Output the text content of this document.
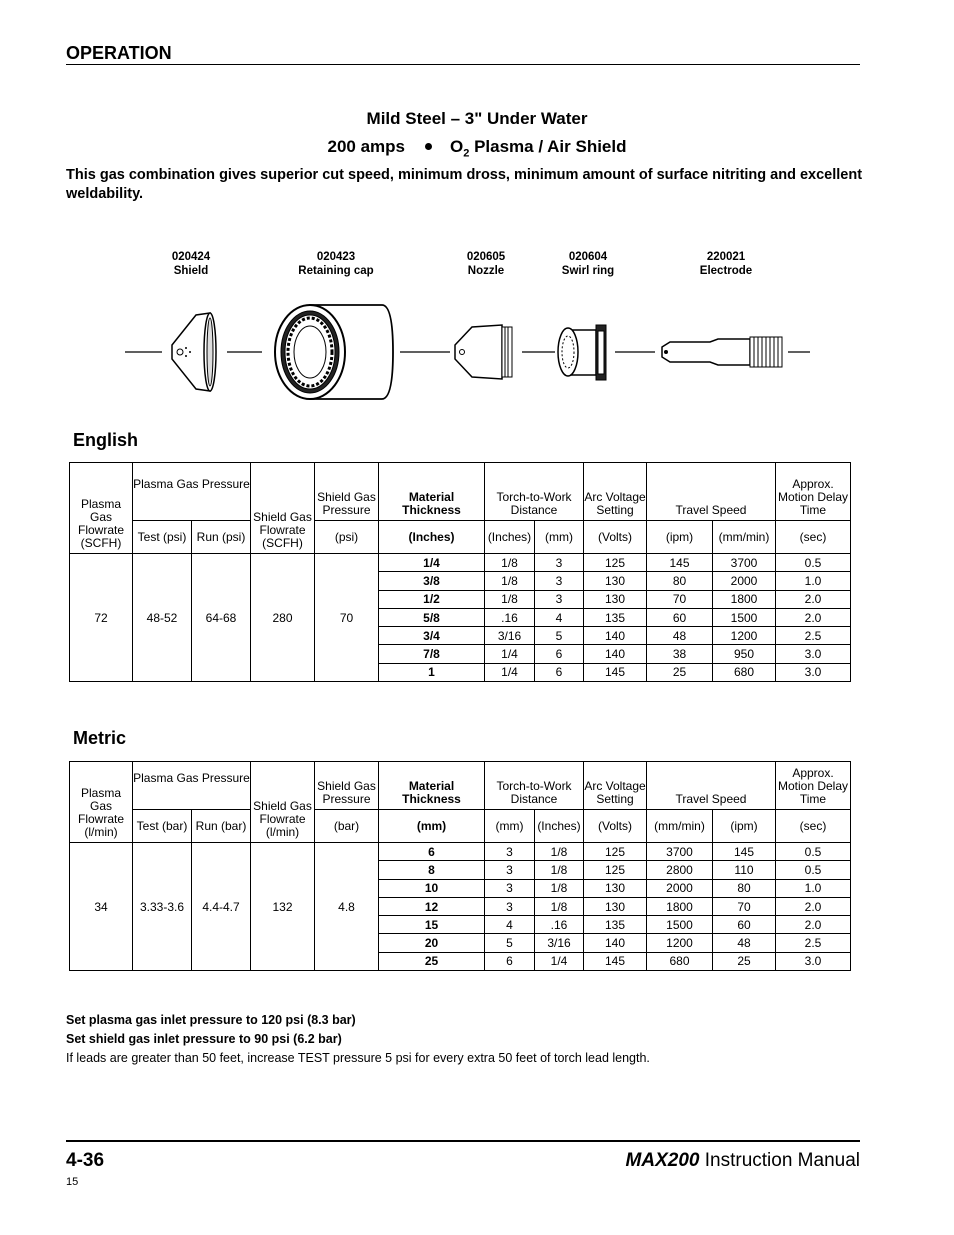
OPERATION
Mild Steel – 3" Under Water
200 amps	$O_2$ Plasma / Air Shield
This gas combination gives superior cut speed, minimum dross, minimum amount of surface nitriting and excellent weldability.
020424
Shield
020423
Retaining cap
020605
Nozzle
020604
Swirl ring
220021
Electrode
English
Plasma Gas Flowrate (SCFH)	Plasma Gas Pressure		Shield Gas Flowrate (SCFH)	Shield Gas Pressure	Material Thickness	Torch-to-Work Distance		Arc Voltage Setting	Travel Speed		Approx. Motion Delay Time
	Test (psi)	Run (psi)		(psi)	(Inches)	(Inches)	(mm)	(Volts)	(ipm)	(mm/min)	(sec)
72	48-52	64-68	280	70	1/4	1/8	3	125	145	3700	0.5
					3/8	1/8	3	130	80	2000	1.0
					1/2	1/8	3	130	70	1800	2.0
					5/8	.16	4	135	60	1500	2.0
					3/4	3/16	5	140	48	1200	2.5
					7/8	1/4	6	140	38	950	3.0
					1	1/4	6	145	25	680	3.0
Metric
Plasma Gas Flowrate (l/min)	Plasma Gas Pressure		Shield Gas Flowrate (l/min)	Shield Gas Pressure	Material Thickness	Torch-to-Work Distance		Arc Voltage Setting	Travel Speed		Approx. Motion Delay Time
	Test (bar)	Run (bar)		(bar)	(mm)	(mm)	(Inches)	(Volts)	(mm/min)	(ipm)	(sec)
34	3.33-3.6	4.4-4.7	132	4.8	6	3	1/8	125	3700	145	0.5
					8	3	1/8	125	2800	110	0.5
					10	3	1/8	130	2000	80	1.0
					12	3	1/8	130	1800	70	2.0
					15	4	.16	135	1500	60	2.0
					20	5	3/16	140	1200	48	2.5
					25	6	1/4	145	680	25	3.0
Set plasma gas inlet pressure to 120 psi (8.3 bar)
Set shield gas inlet pressure to 90 psi (6.2 bar)
If leads are greater than 50 feet, increase TEST pressure 5 psi for every extra 50 feet of torch lead length.
4-36	MAX200 Instruction Manual
15
